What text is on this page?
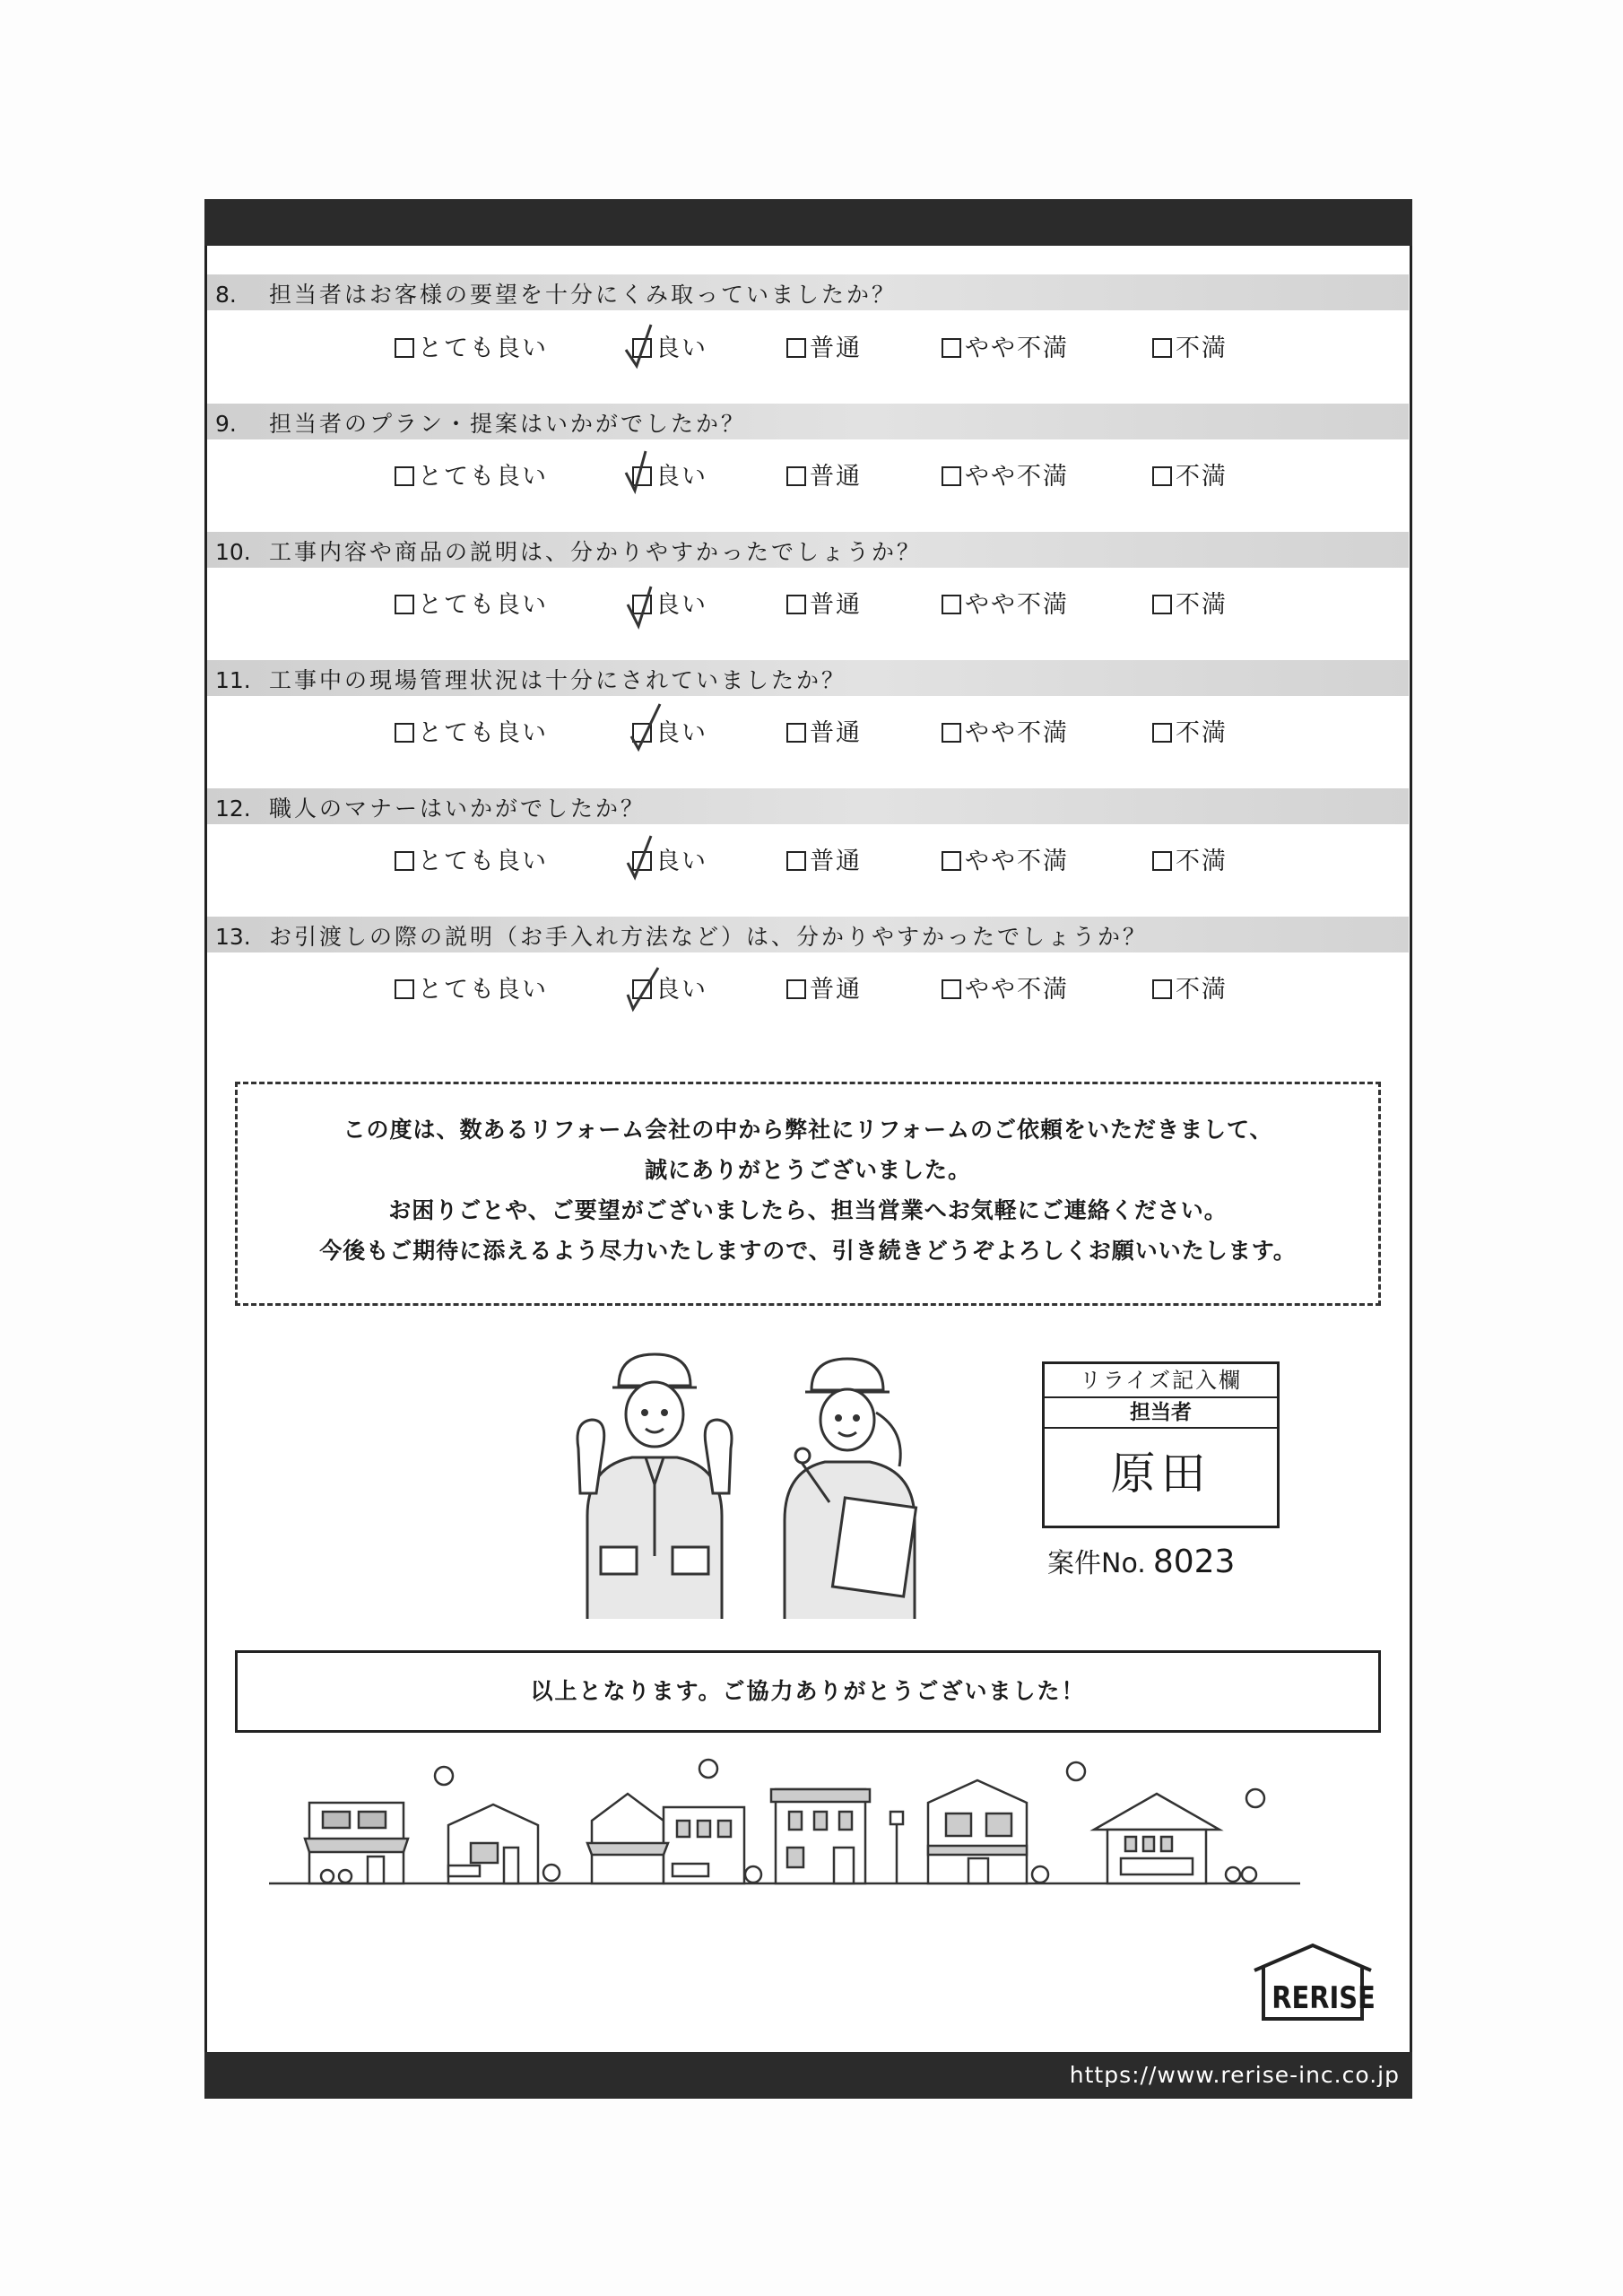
8. 担当者はお客様の要望を十分にくみ取っていましたか？
とても良い	良い	普通	やや不満	不満
9. 担当者のプラン・提案はいかがでしたか？
とても良い	良い	普通	やや不満	不満
10. 工事内容や商品の説明は、分かりやすかったでしょうか？
とても良い	良い	普通	やや不満	不満
11. 工事中の現場管理状況は十分にされていましたか？
とても良い	良い	普通	やや不満	不満
12. 職人のマナーはいかがでしたか？
とても良い	良い	普通	やや不満	不満
13. お引渡しの際の説明（お手入れ方法など）は、分かりやすかったでしょうか？
とても良い	良い	普通	やや不満	不満

この度は、数あるリフォーム会社の中から弊社にリフォームのご依頼をいただきまして、

誠にありがとうございました。

お困りごとや、ご要望がございましたら、担当営業へお気軽にご連絡ください。

今後もご期待に添えるよう尽力いたしますので、引き続きどうぞよろしくお願いいたします。

リライズ記入欄
担当者
原田
案件No. 8023
以上となります。ご協力ありがとうございました！
RERISE
https://www.rerise-inc.co.jp
